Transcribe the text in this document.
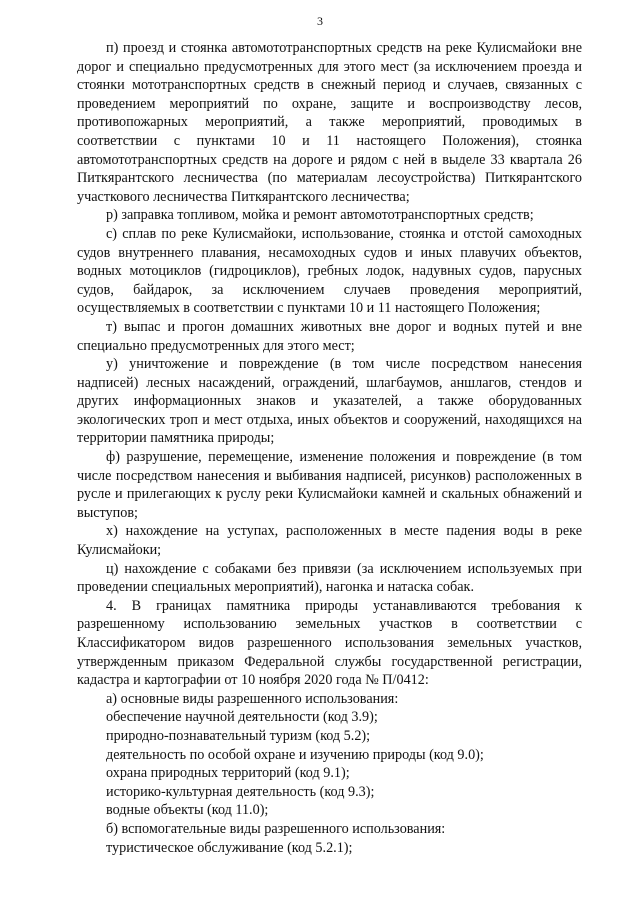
3

п) проезд и стоянка автомототранспортных средств на реке Кулисмайоки вне дорог и специально предусмотренных для этого мест (за исключением проезда и стоянки мототранспортных средств в снежный период и случаев, связанных с проведением мероприятий по охране, защите и воспроизводству лесов, противопожарных мероприятий, а также мероприятий, проводимых в соответствии с пунктами 10 и 11 настоящего Положения), стоянка автомототранспортных средств на дороге и рядом с ней в выделе 33 квартала 26 Питкярантского лесничества (по материалам лесоустройства) Питкярантского участкового лесничества Питкярантского лесничества;

р) заправка топливом, мойка и ремонт автомототранспортных средств;

с) сплав по реке Кулисмайоки, использование, стоянка и отстой самоходных судов внутреннего плавания, несамоходных судов и иных плавучих объектов, водных мотоциклов (гидроциклов), гребных лодок, надувных судов, парусных судов, байдарок, за исключением случаев проведения мероприятий, осуществляемых в соответствии с пунктами 10 и 11 настоящего Положения;

т) выпас и прогон домашних животных вне дорог и водных путей и вне специально предусмотренных для этого мест;

у) уничтожение и повреждение (в том числе посредством нанесения надписей) лесных насаждений, ограждений, шлагбаумов, аншлагов, стендов и других информационных знаков и указателей, а также оборудованных экологических троп и мест отдыха, иных объектов и сооружений, находящихся на территории памятника природы;

ф) разрушение, перемещение, изменение положения и повреждение (в том числе посредством нанесения и выбивания надписей, рисунков) расположенных в русле и прилегающих к руслу реки Кулисмайоки камней и скальных обнажений и выступов;

х) нахождение на уступах, расположенных в месте падения воды в реке Кулисмайоки;

ц) нахождение с собаками без привязи (за исключением используемых при проведении специальных мероприятий), нагонка и натаска собак.

4. В границах памятника природы устанавливаются требования к разрешенному использованию земельных участков в соответствии с Классификатором видов разрешенного использования земельных участков, утвержденным приказом Федеральной службы государственной регистрации, кадастра и картографии от 10 ноября 2020 года № П/0412:

а) основные виды разрешенного использования:

обеспечение научной деятельности (код 3.9);

природно-познавательный туризм (код 5.2);

деятельность по особой охране и изучению природы (код 9.0);

охрана природных территорий (код 9.1);

историко-культурная деятельность (код 9.3);

водные объекты (код 11.0);

б) вспомогательные виды разрешенного использования:

туристическое обслуживание (код 5.2.1);
